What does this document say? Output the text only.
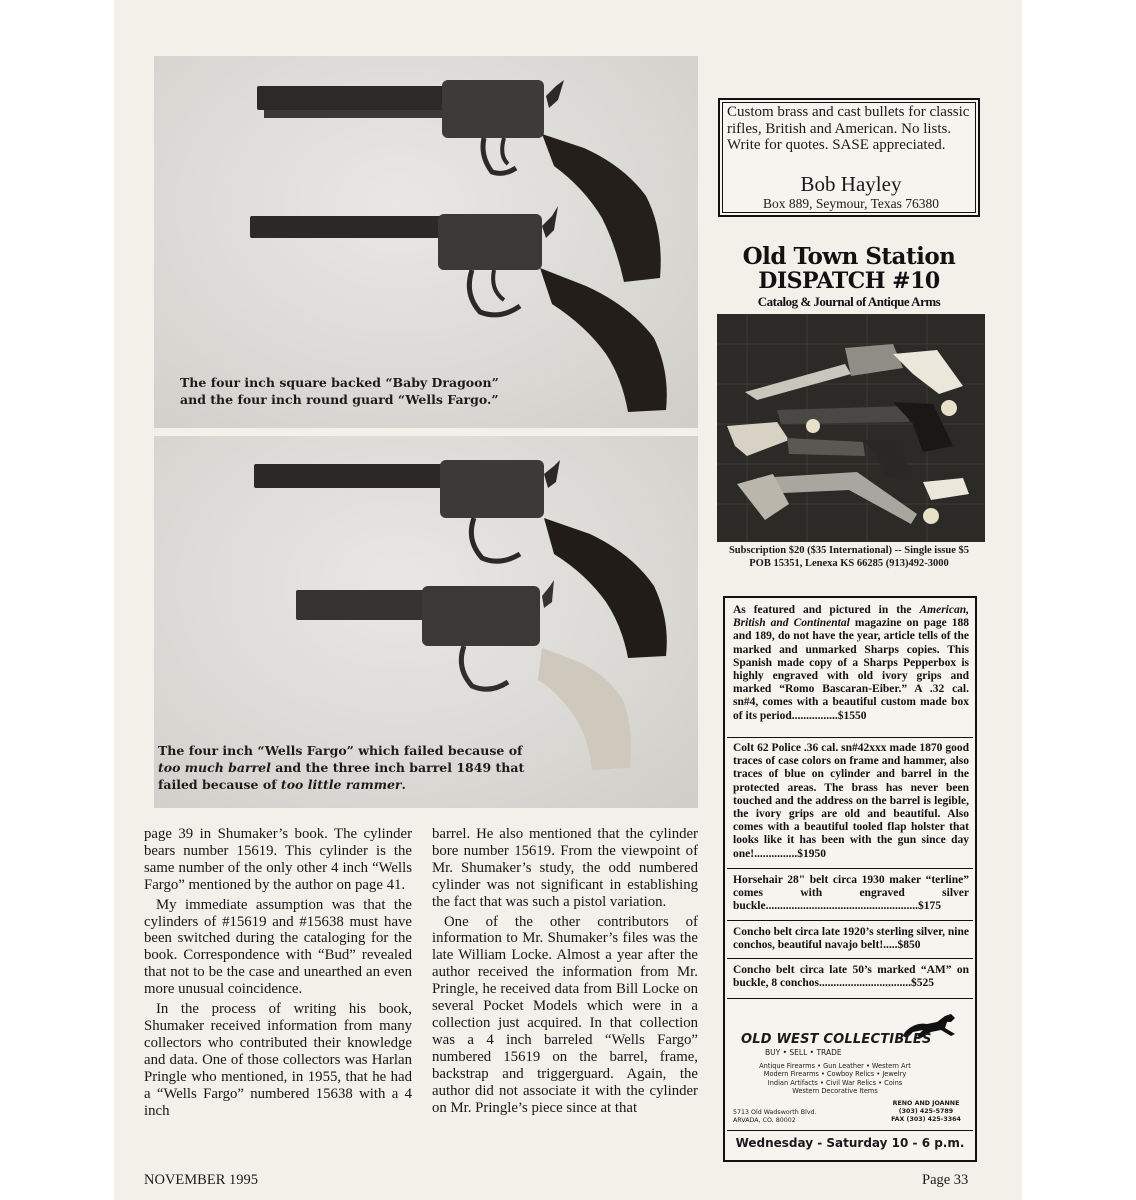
The four inch square backed “Baby Dragoon”
and the four inch round guard “Wells Fargo.”

The four inch “Wells Fargo” which failed because of
too much barrel and the three inch barrel 1849 that
failed because of too little rammer.

page 39 in Shumaker’s book. The cylinder bears number 15619. This cylinder is the same number of the only other 4 inch “Wells Fargo” mentioned by the author on page 41.

My immediate assumption was that the cylinders of #15619 and #15638 must have been switched during the cataloging for the book. Correspondence with “Bud” revealed that not to be the case and unearthed an even more unusual coincidence.

In the process of writing his book, Shumaker received information from many collectors who contributed their knowledge and data. One of those collectors was Harlan Pringle who mentioned, in 1955, that he had a “Wells Fargo” numbered 15638 with a 4 inch

barrel. He also mentioned that the cylinder bore number 15619. From the viewpoint of Mr. Shumaker’s study, the odd numbered cylinder was not significant in establishing the fact that was such a pistol variation.

One of the other contributors of information to Mr. Shumaker’s files was the late William Locke. Almost a year after the author received the information from Mr. Pringle, he received data from Bill Locke on several Pocket Models which were in a collection just acquired. In that collection was a 4 inch barreled “Wells Fargo” numbered 15619 on the barrel, frame, backstrap and triggerguard. Again, the author did not associate it with the cylinder on Mr. Pringle’s piece since at that

NOVEMBER 1995	Page 33
Custom brass and cast bullets for classic rifles, British and American. No lists. Write for quotes. SASE appreciated.
Bob Hayley
Box 889, Seymour, Texas 76380
Old Town Station
DISPATCH #10
Catalog & Journal of Antique Arms
Subscription $20 ($35 International) -- Single issue $5
POB 15351, Lenexa KS 66285 (913)492-3000
As featured and pictured in the American, British and Continental magazine on page 188 and 189, do not have the year, article tells of the marked and unmarked Sharps copies. This Spanish made copy of a Sharps Pepperbox is highly engraved with old ivory grips and marked “Romo Bascaran-Eiber.” A .32 cal. sn#4, comes with a beautiful custom made box of its period................$1550
Colt 62 Police .36 cal. sn#42xxx made 1870 good traces of case colors on frame and hammer, also traces of blue on cylinder and barrel in the protected areas. The brass has never been touched and the address on the barrel is legible, the ivory grips are old and beautiful. Also comes with a beautiful tooled flap holster that looks like it has been with the gun since day one!...............$1950
Horsehair 28" belt circa 1930 maker “terline” comes with engraved silver buckle.....................................................$175
Concho belt circa late 1920’s sterling silver, nine conchos, beautiful navajo belt!.....$850
Concho belt circa late 50’s marked “AM” on buckle, 8 conchos................................$525
OLD WEST COLLECTIBLES
BUY • SELL • TRADE
Antique Firearms • Gun Leather • Western Art
Modern Firearms • Cowboy Relics • Jewelry
Indian Artifacts • Civil War Relics • Coins
Western Decorative Items
5713 Old Wadsworth Blvd.
ARVADA, CO. 80002
RENO AND JOANNE
(303) 425-5789
FAX (303) 425-3364
Wednesday - Saturday 10 - 6 p.m.
